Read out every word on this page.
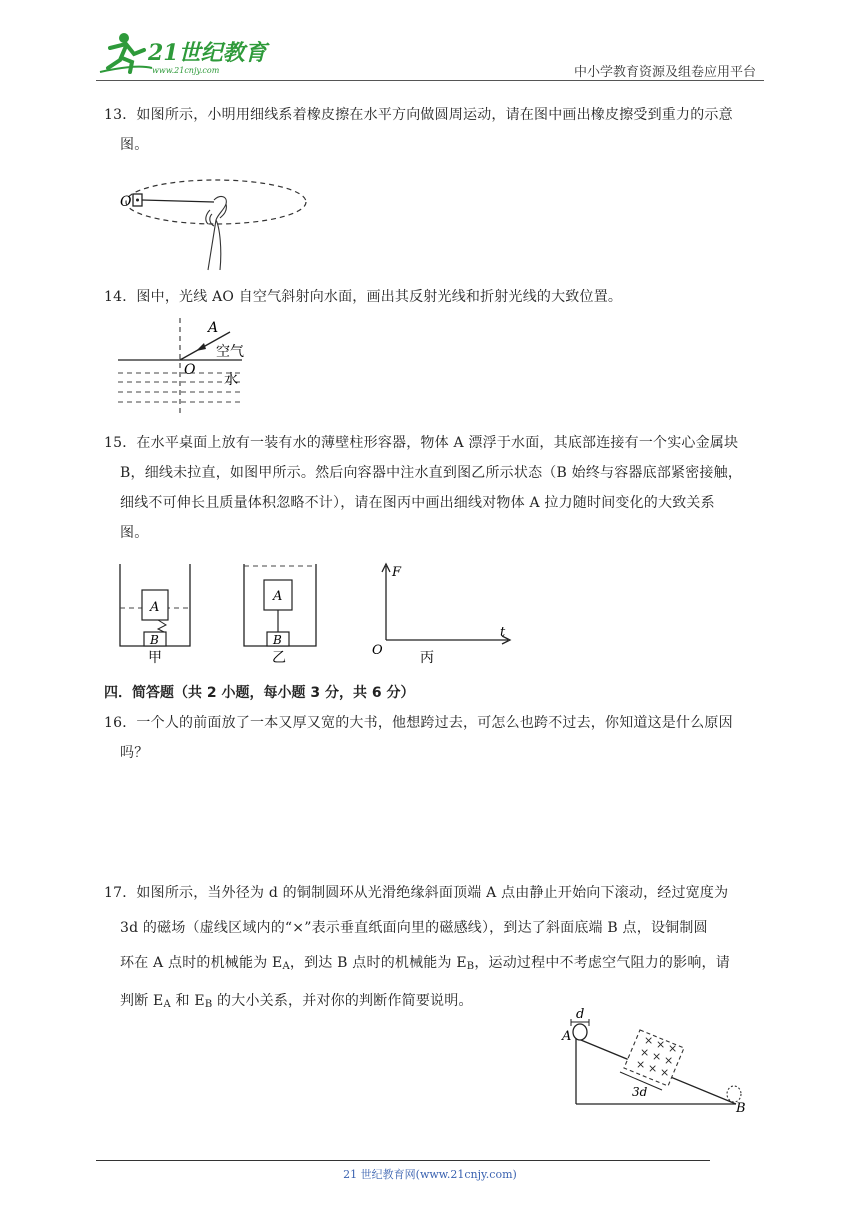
21世纪教育
www.21cnjy.com	中小学教育资源及组卷应用平台
13．如图所示，小明用细线系着橡皮擦在水平方向做圆周运动，请在图中画出橡皮擦受到重力的示意
图。
O
14．图中，光线 AO 自空气斜射向水面，画出其反射光线和折射光线的大致位置。
A
O
空气
水
15．在水平桌面上放有一装有水的薄壁柱形容器，物体 A 漂浮于水面，其底部连接有一个实心金属块
B，细线未拉直，如图甲所示。然后向容器中注水直到图乙所示状态（B 始终与容器底部紧密接触，
细线不可伸长且质量体积忽略不计），请在图丙中画出细线对物体 A 拉力随时间变化的大致关系
图。
A
B
甲
A
B
乙
F
t
O	丙
四．简答题（共 2 小题，每小题 3 分，共 6 分）
16．一个人的前面放了一本又厚又宽的大书，他想跨过去，可怎么也跨不过去，你知道这是什么原因
吗？
17．如图所示，当外径为 d 的铜制圆环从光滑绝缘斜面顶端 A 点由静止开始向下滚动，经过宽度为
3d 的磁场（虚线区域内的“×”表示垂直纸面向里的磁感线），到达了斜面底端 B 点，设铜制圆
环在 A 点时的机械能为 $E_A$，到达 B 点时的机械能为 $E_B$，运动过程中不考虑空气阻力的影响，请
判断 $E_A$ 和 $E_B$ 的大小关系，并对你的判断作简要说明。
d
A	× × ×
× × ×
× × ×
3d
B
21 世纪教育网(www.21cnjy.com)
